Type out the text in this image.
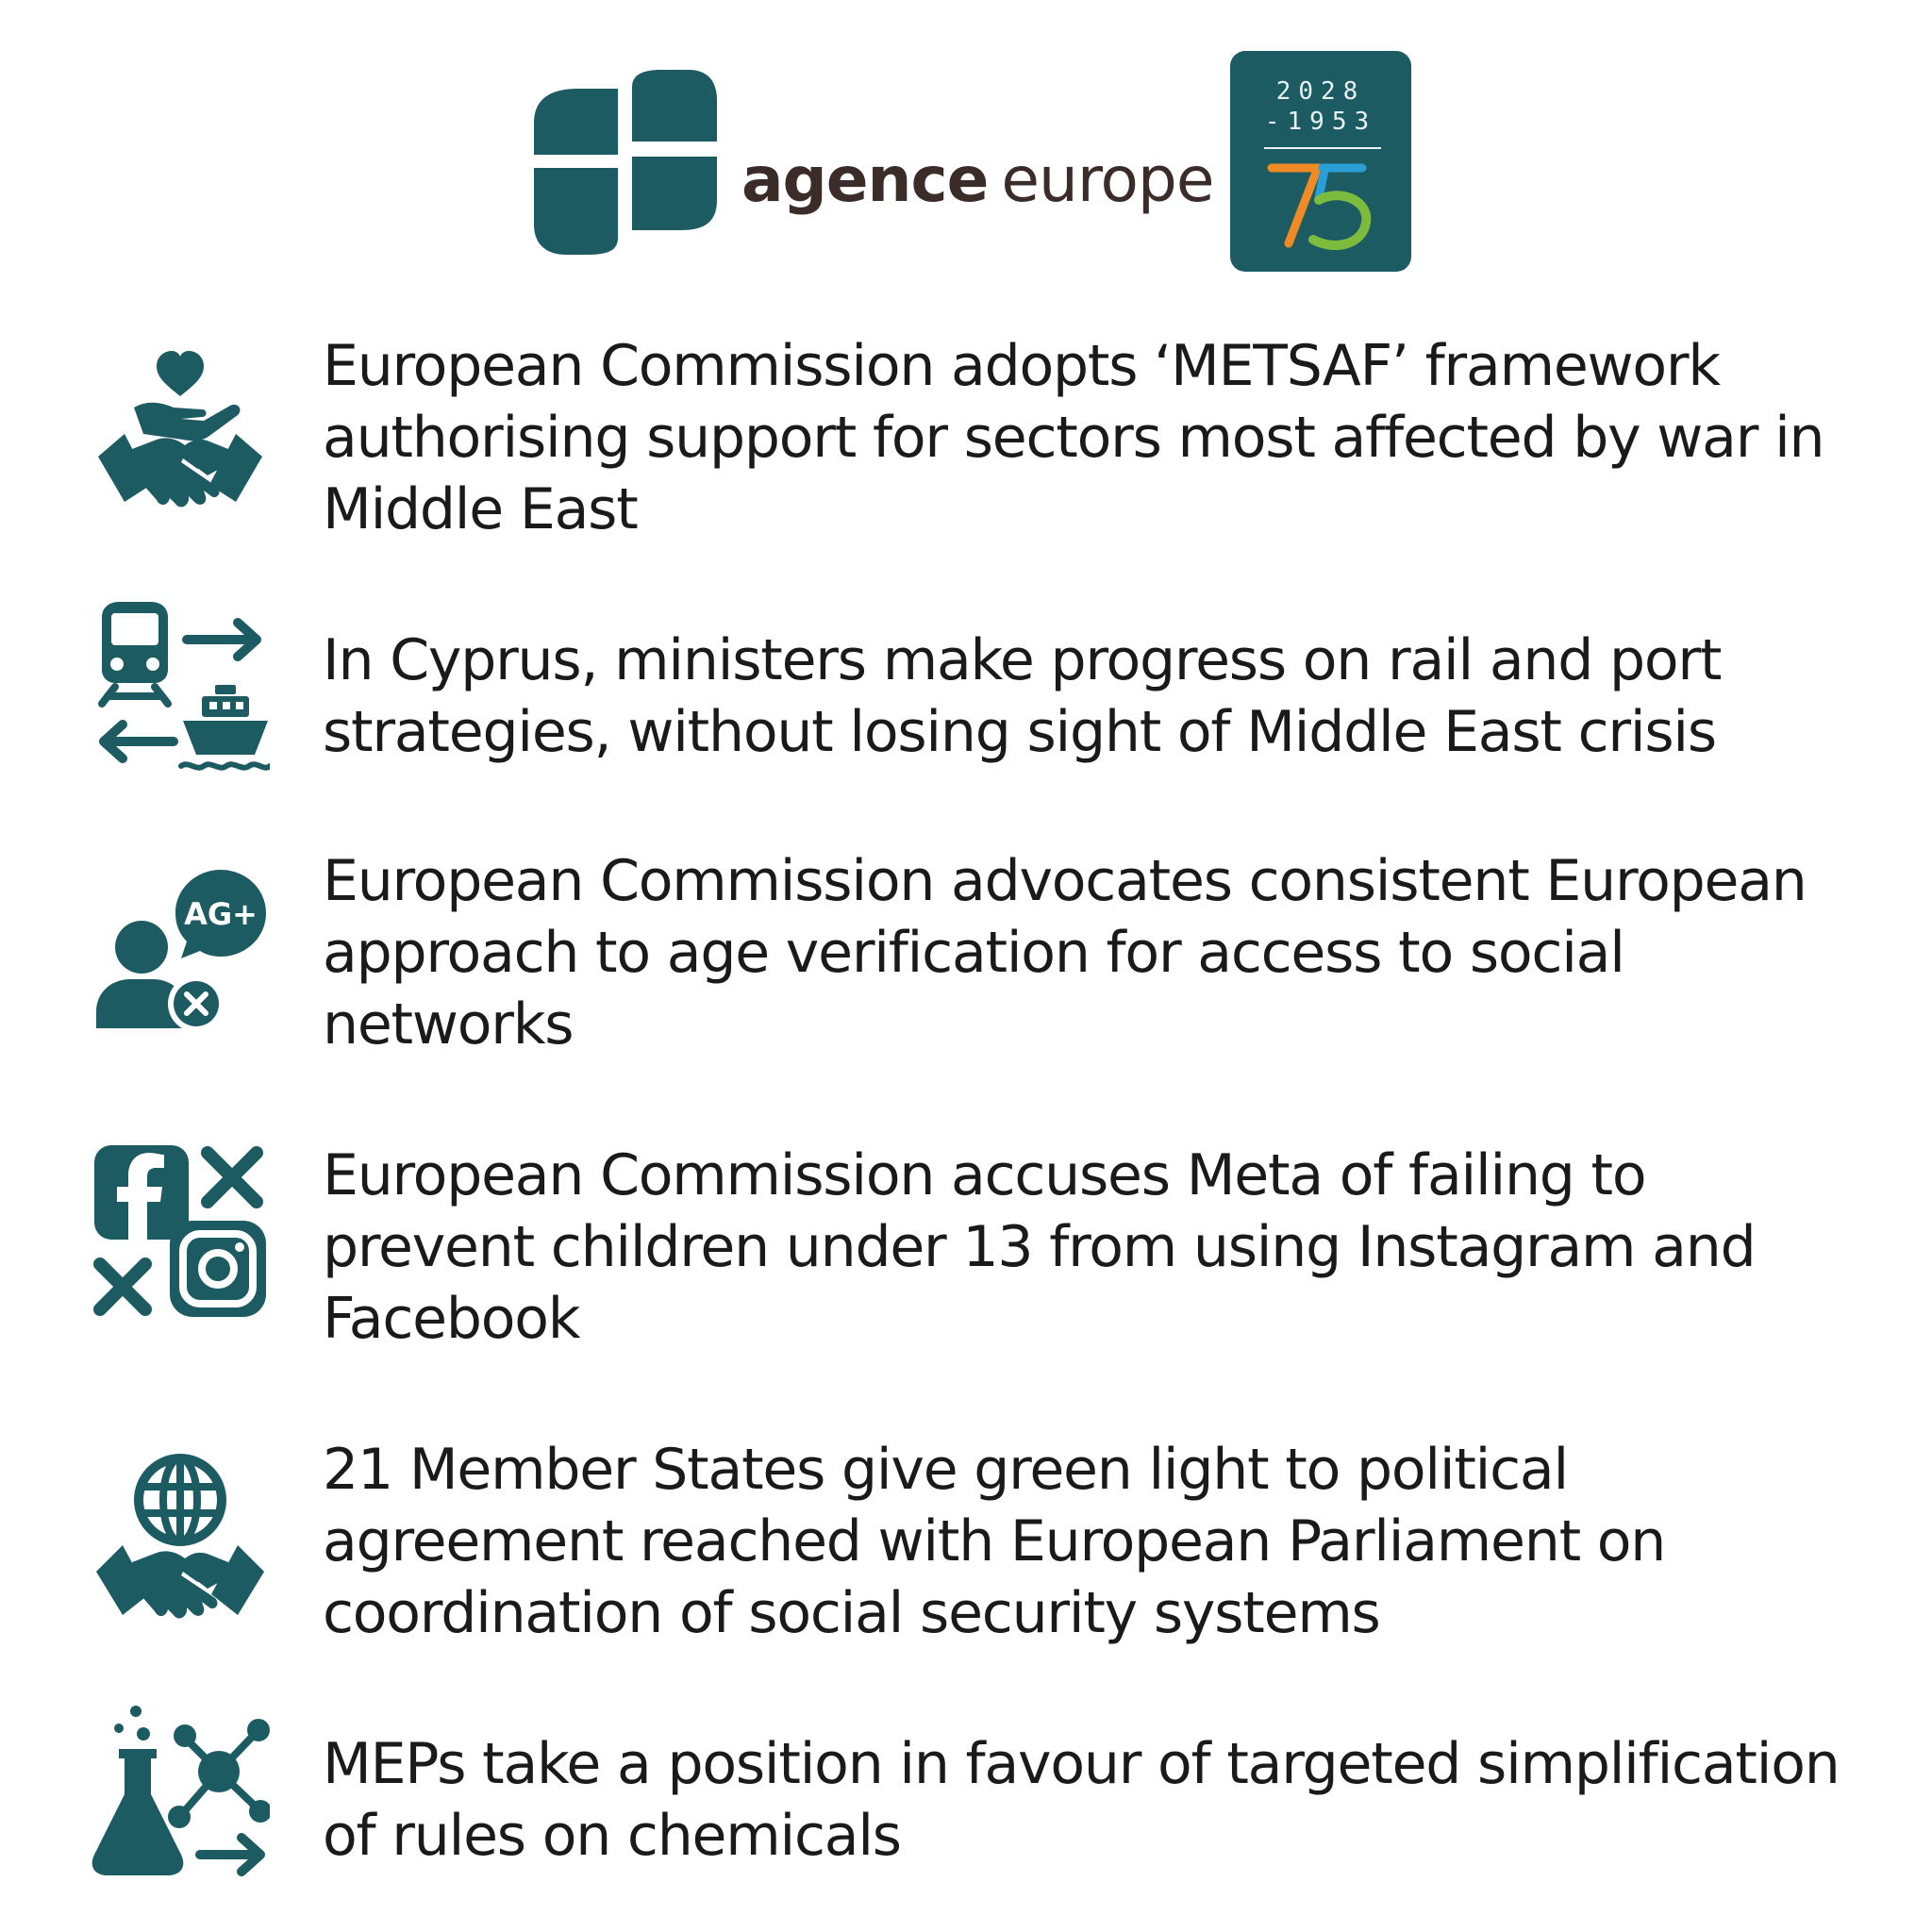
agence europe
2028
-1953

European Commission adopts ‘METSAF’ framework authorising support for sectors most affected by war in Middle East

In Cyprus, ministers make progress on rail and port strategies, without losing sight of Middle East crisis

AG+ European Commission advocates consistent European approach to age verification for access to social networks

European Commission accuses Meta of failing to prevent children under 13 from using Instagram and Facebook

21 Member States give green light to political agreement reached with European Parliament on coordination of social security systems

MEPs take a position in favour of targeted simplification of rules on chemicals
